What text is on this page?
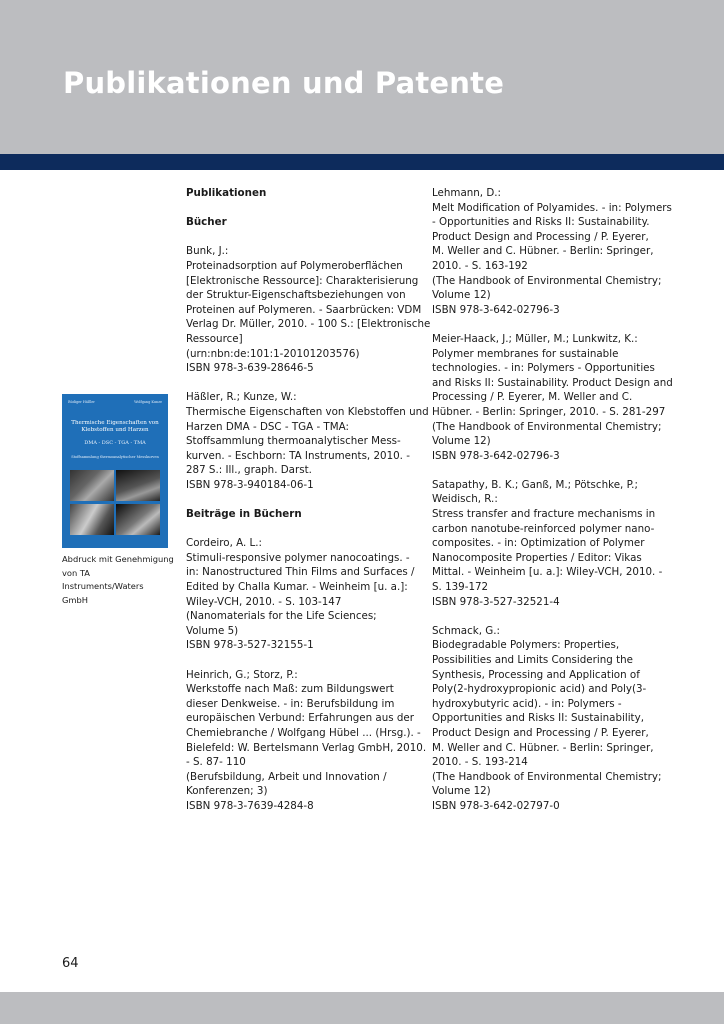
Publikationen und Patente
Rüdiger Häßler	Wolfgang Kunze
Thermische Eigenschaften von Klebstoffen und Harzen
DMA - DSC - TGA - TMA
Stoffsammlung thermoanalytischer Messkurven
Abdruck mit Genehmigung
von TA Instruments/Waters
GmbH

Publikationen

Bücher

Bunk, J.:
Proteinadsorption auf Polymeroberflächen
[Elektronische Ressource]: Charakterisierung
der Struktur-Eigenschaftsbeziehungen von
Proteinen auf Polymeren. - Saarbrücken: VDM
Verlag Dr. Müller, 2010. - 100 S.: [Elektronische
Ressource]
(urn:nbn:de:101:1-20101203576)
ISBN 978-3-639-28646-5
Häßler, R.; Kunze, W.:
Thermische Eigenschaften von Klebstoffen und
Harzen DMA - DSC - TGA - TMA:
Stoffsammlung thermoanalytischer Mess-
kurven. - Eschborn: TA Instruments, 2010. -
287 S.: Ill., graph. Darst.
ISBN 978-3-940184-06-1

Beiträge in Büchern

Cordeiro, A. L.:
Stimuli-responsive polymer nanocoatings. -
in: Nanostructured Thin Films and Surfaces /
Edited by Challa Kumar. - Weinheim [u. a.]:
Wiley-VCH, 2010. - S. 103-147
(Nanomaterials for the Life Sciences;
Volume 5)
ISBN 978-3-527-32155-1
Heinrich, G.; Storz, P.:
Werkstoffe nach Maß: zum Bildungswert
dieser Denkweise. - in: Berufsbildung im
europäischen Verbund: Erfahrungen aus der
Chemiebranche / Wolfgang Hübel ... (Hrsg.). -
Bielefeld: W. Bertelsmann Verlag GmbH, 2010.
- S. 87- 110
(Berufsbildung, Arbeit und Innovation /
Konferenzen; 3)
ISBN 978-3-7639-4284-8
Lehmann, D.:
Melt Modification of Polyamides. - in: Polymers
- Opportunities and Risks II: Sustainability.
Product Design and Processing / P. Eyerer,
M. Weller and C. Hübner. - Berlin: Springer,
2010. - S. 163-192
(The Handbook of Environmental Chemistry;
Volume 12)
ISBN 978-3-642-02796-3
Meier-Haack, J.; Müller, M.; Lunkwitz, K.:
Polymer membranes for sustainable
technologies. - in: Polymers - Opportunities
and Risks II: Sustainability. Product Design and
Processing / P. Eyerer, M. Weller and C.
Hübner. - Berlin: Springer, 2010. - S. 281-297
(The Handbook of Environmental Chemistry;
Volume 12)
ISBN 978-3-642-02796-3
Satapathy, B. K.; Ganß, M.; Pötschke, P.;
Weidisch, R.:
Stress transfer and fracture mechanisms in
carbon nanotube-reinforced polymer nano-
composites. - in: Optimization of Polymer
Nanocomposite Properties / Editor: Vikas
Mittal. - Weinheim [u. a.]: Wiley-VCH, 2010. -
S. 139-172
ISBN 978-3-527-32521-4
Schmack, G.:
Biodegradable Polymers: Properties,
Possibilities and Limits Considering the
Synthesis, Processing and Application of
Poly(2-hydroxypropionic acid) and Poly(3-
hydroxybutyric acid). - in: Polymers -
Opportunities and Risks II: Sustainability,
Product Design and Processing / P. Eyerer,
M. Weller and C. Hübner. - Berlin: Springer,
2010. - S. 193-214
(The Handbook of Environmental Chemistry;
Volume 12)
ISBN 978-3-642-02797-0
64
